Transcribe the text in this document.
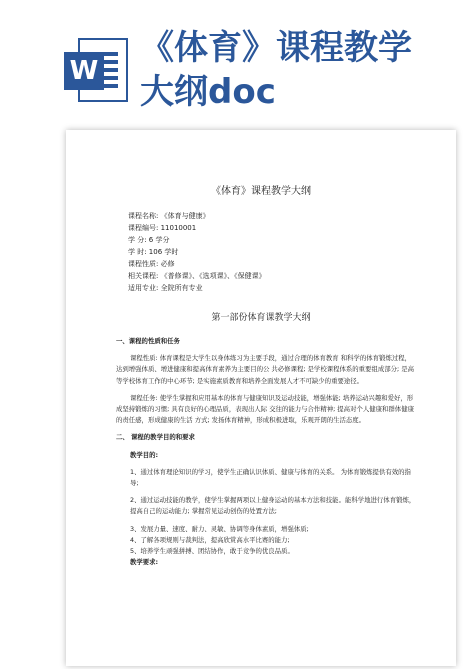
W
《体育》课程教学
大纲doc
《体育》课程教学大纲
课程名称: 《体育与健康》
课程编号: 11010001
学 分: 6 学分
学 时: 106 学时
课程性质: 必修
相关课程: 《普修课》、《选项课》、《保健课》
适用专业: 全院所有专业
第一部份体育课教学大纲

一、课程的性质和任务

课程性质: 体育课程是大学生以身体练习为主要手段，通过合理的体育教育 和科学的体育锻炼过程，达到增强体质、增进健康和提高体育素养为主要目的公 共必修课程; 是学校课程体系的重要组成部分; 是高等学校体育工作的中心环节; 是实施素质教育和培养全面发展人才不可缺少的重要途径。

课程任务: 使学生掌握和应用基本的体育与健康知识及运动技能，增强体能; 培养运动兴趣和爱好，形成坚持锻炼的习惯; 具有良好的心理品质，表现出人际 交往的能力与合作精神; 提高对个人健康和群体健康的责任感，形成健康的生活 方式; 发扬体育精神，形成积极进取，乐观开朗的生活态度。

二、 课程的教学目的和要求

教学目的:

1、通过体育理论知识的学习，使学生正确认识体质、健康与体育的关系。 为体育锻炼提供有效的指导;

2、通过运动技能的教学，使学生掌握两项以上健身运动的基本方法和技能。能科学地进行体育锻炼，提高自己的运动能力; 掌握常见运动创伤的处置方法;

3、发展力量、速度、耐力、灵敏、协调等身体素质，增强体质;

4、了解各项规则与裁判法，提高欣赏高水平比赛的能力;

5、培养学生顽强拼搏、团结协作，敢于竞争的优良品质。

教学要求:
